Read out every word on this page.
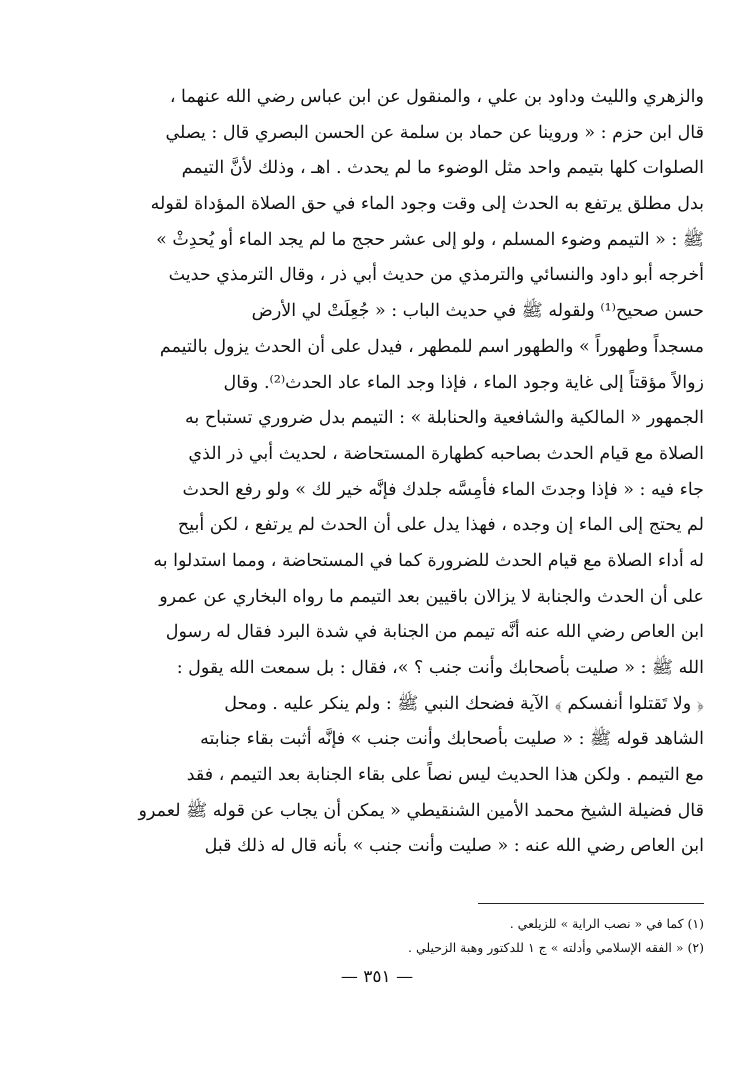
والزهري والليث وداود بن علي ، والمنقول عن ابن عباس رضي الله عنهما ،
قال ابن حزم : « وروينا عن حماد بن سلمة عن الحسن البصري قال : يصلي
الصلوات كلها بتيمم واحد مثل الوضوء ما لم يحدث . اهـ ، وذلك لأنَّ التيمم
بدل مطلق يرتفع به الحدث إلى وقت وجود الماء في حق الصلاة المؤداة لقوله
ﷺ : « التيمم وضوء المسلم ، ولو إلى عشر حجج ما لم يجد الماء أو يُحدِثْ »
أخرجه أبو داود والنسائي والترمذي من حديث أبي ذر ، وقال الترمذي حديث
حسن صحيح⁽¹⁾ ولقوله ﷺ في حديث الباب : « جُعِلَتْ لي الأرض
مسجداً وطهوراً » والطهور اسم للمطهر ، فيدل على أن الحدث يزول بالتيمم
زوالاً مؤقتاً إلى غاية وجود الماء ، فإذا وجد الماء عاد الحدث⁽²⁾. وقال
الجمهور « المالكية والشافعية والحنابلة » : التيمم بدل ضروري تستباح به
الصلاة مع قيام الحدث بصاحبه كطهارة المستحاضة ، لحديث أبي ذر الذي
جاء فيه : « فإذا وجدتَ الماء فأمِسَّه جلدك فإنَّه خير لك » ولو رفع الحدث
لم يحتج إلى الماء إن وجده ، فهذا يدل على أن الحدث لم يرتفع ، لكن أبيح
له أداء الصلاة مع قيام الحدث للضرورة كما في المستحاضة ، ومما استدلوا به
على أن الحدث والجنابة لا يزالان باقيين بعد التيمم ما رواه البخاري عن عمرو
ابن العاص رضي الله عنه أنَّه تيمم من الجنابة في شدة البرد فقال له رسول
الله ﷺ : « صليت بأصحابك وأنت جنب ؟ »، فقال : بل سمعت الله يقول :
﴿ ولا تَقتلوا أنفسكم ﴾ الآية فضحك النبي ﷺ : ولم ينكر عليه . ومحل
الشاهد قوله ﷺ : « صليت بأصحابك وأنت جنب » فإنَّه أثبت بقاء جنابته
مع التيمم . ولكن هذا الحديث ليس نصاً على بقاء الجنابة بعد التيمم ، فقد
قال فضيلة الشيخ محمد الأمين الشنقيطي « يمكن أن يجاب عن قوله ﷺ لعمرو
ابن العاص رضي الله عنه : « صليت وأنت جنب » بأنه قال له ذلك قبل
(١) كما في « نصب الراية » للزيلعي .
(٢) « الفقه الإسلامي وأدلته » ج ١ للدكتور وهبة الزحيلي .
— ٣٥١ —
